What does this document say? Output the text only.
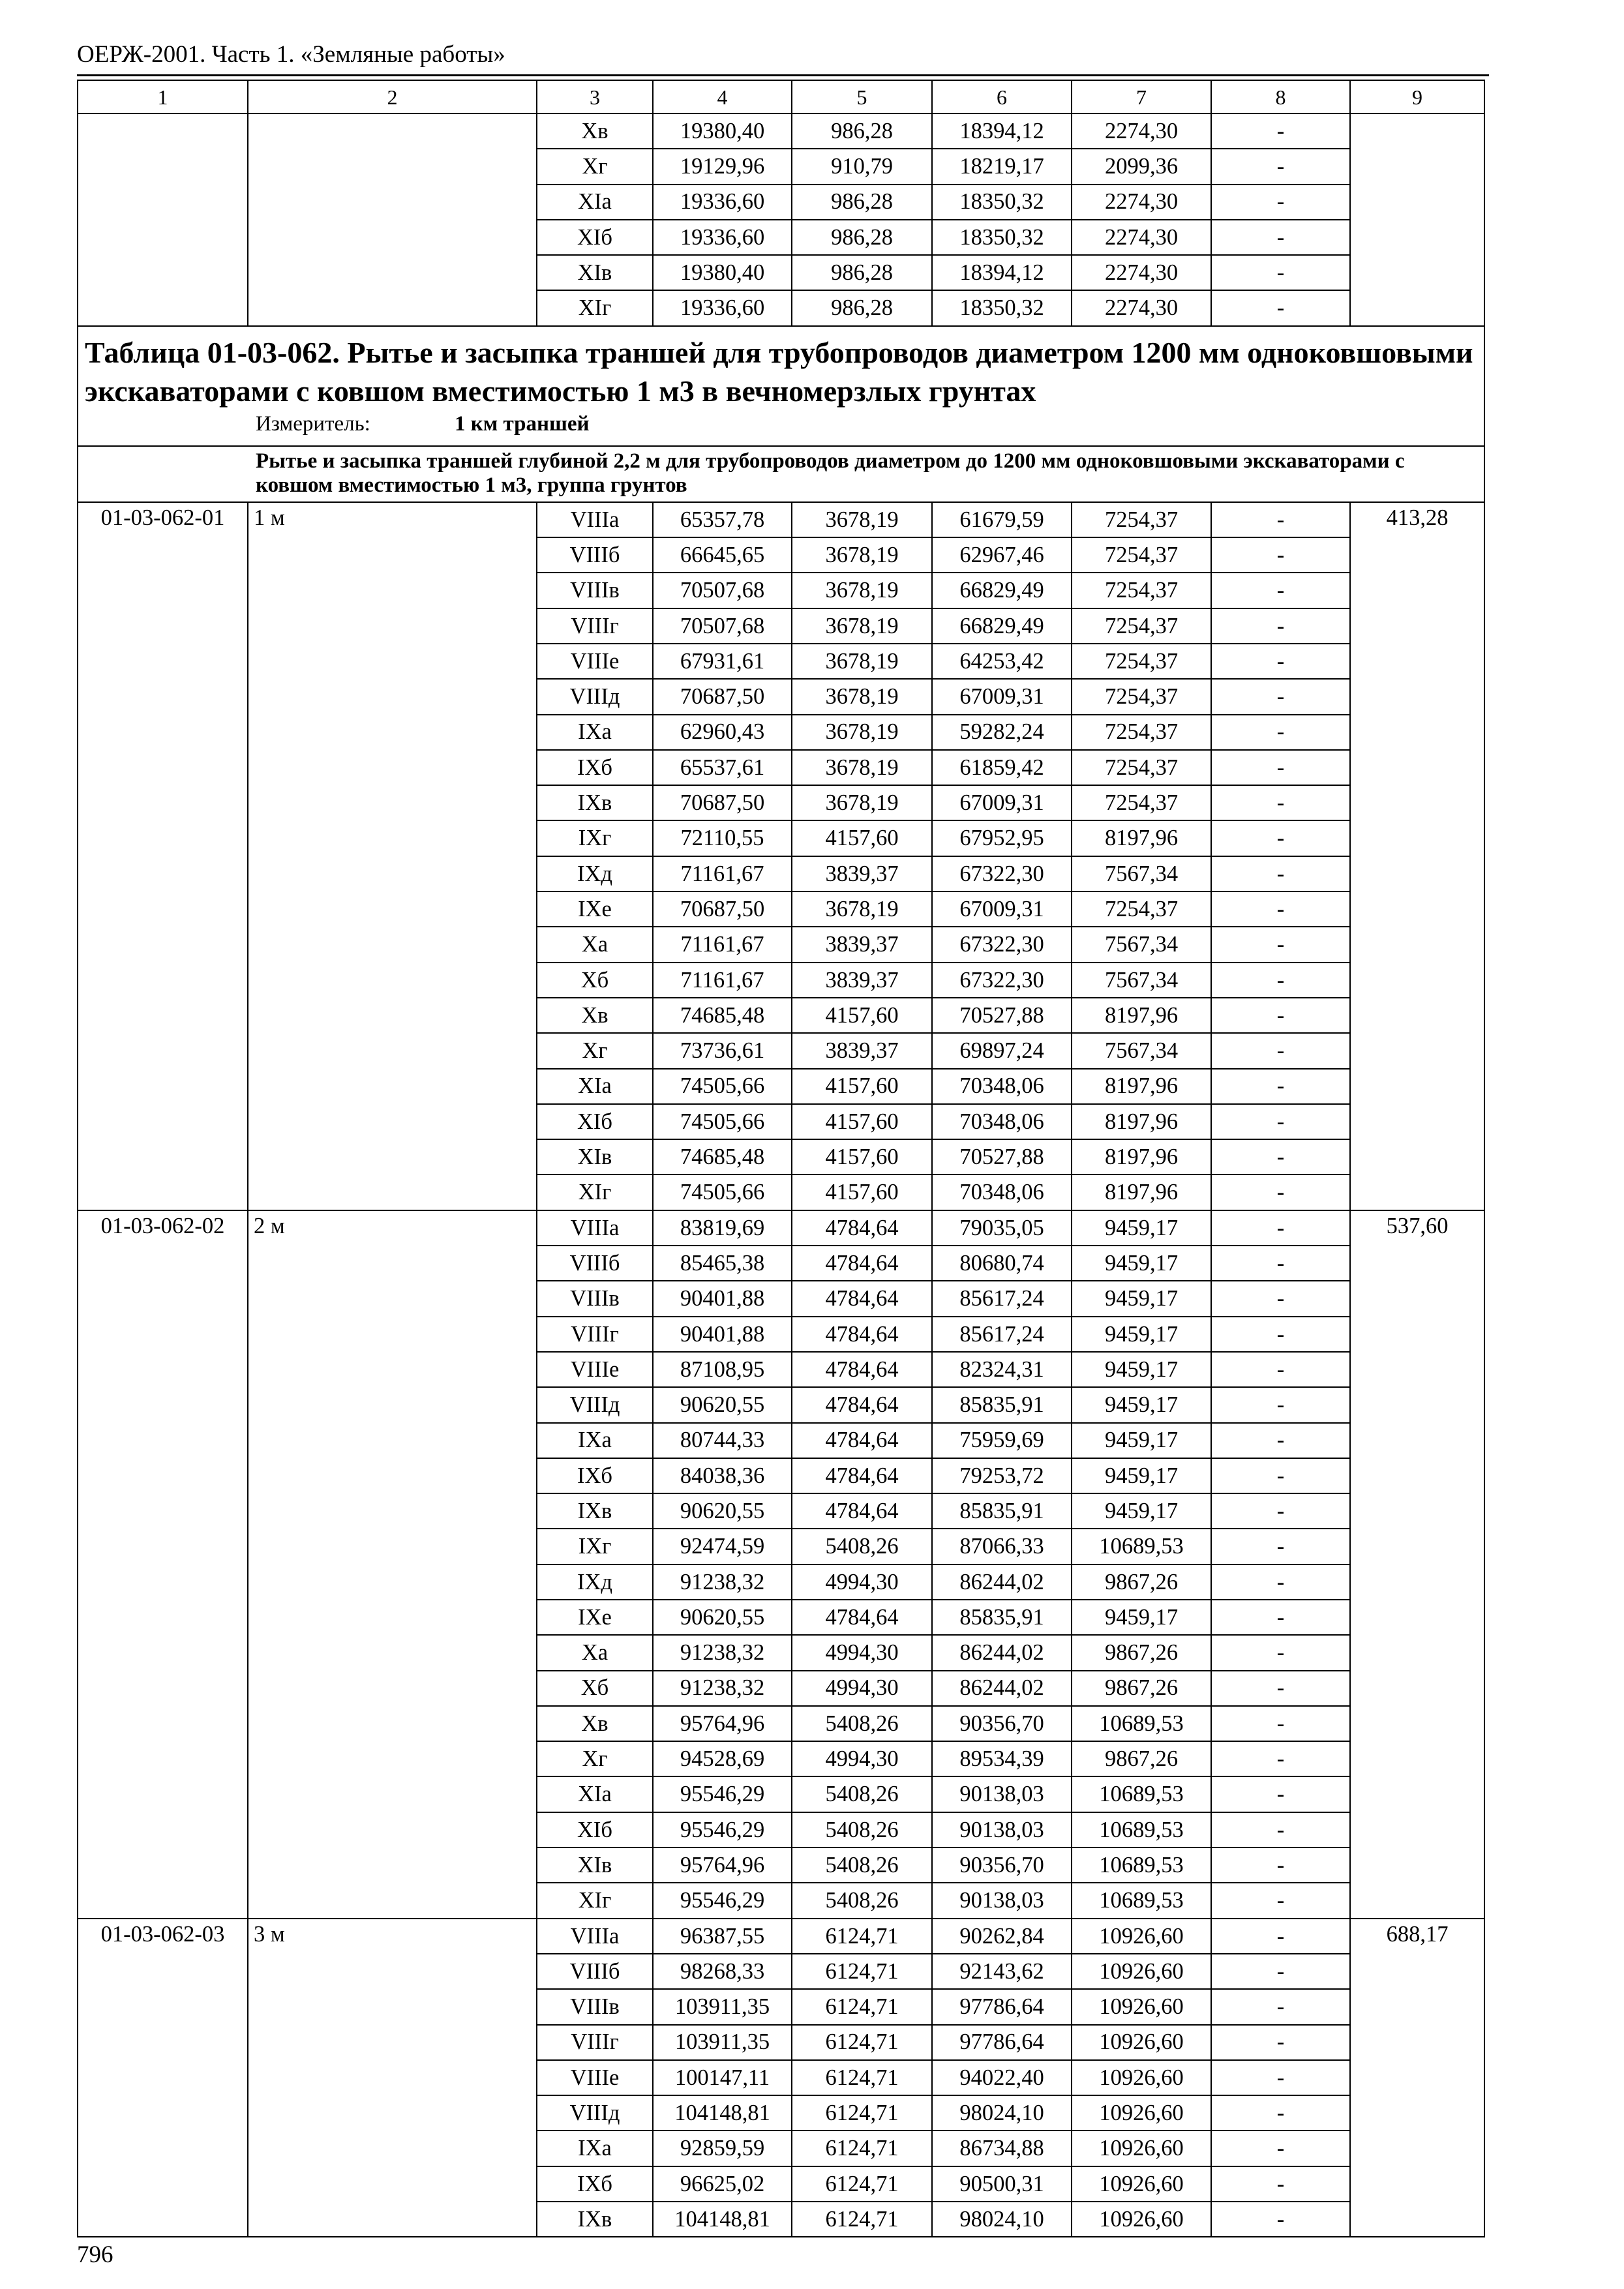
ОЕРЖ-2001. Часть 1. «Земляные работы»
1	2	3	4	5	6	7	8	9
		Xв	19380,40	986,28	18394,12	2274,30	-	
		Xг	19129,96	910,79	18219,17	2099,36	-	
		XIа	19336,60	986,28	18350,32	2274,30	-	
		XIб	19336,60	986,28	18350,32	2274,30	-	
		XIв	19380,40	986,28	18394,12	2274,30	-	
		XIг	19336,60	986,28	18350,32	2274,30	-	

Таблица 01-03-062. Рытье и засыпка траншей для трубопроводов диаметром 1200 мм одноковшовыми экскаваторами с ковшом вместимостью 1 м3 в вечномерзлых грунтах
Измеритель: 1 км траншей								

Рытье и засыпка траншей глубиной 2,2 м для трубопроводов диаметром до 1200 мм одноковшовыми экскаваторами с ковшом вместимостью 1 м3, группа грунтов								

01-03-062-01	1 м	VIIIа	65357,78	3678,19	61679,59	7254,37	-	413,28
		VIIIб	66645,65	3678,19	62967,46	7254,37	-	
		VIIIв	70507,68	3678,19	66829,49	7254,37	-	
		VIIIг	70507,68	3678,19	66829,49	7254,37	-	
		VIIIе	67931,61	3678,19	64253,42	7254,37	-	
		VIIIд	70687,50	3678,19	67009,31	7254,37	-	
		IXа	62960,43	3678,19	59282,24	7254,37	-	
		IXб	65537,61	3678,19	61859,42	7254,37	-	
		IXв	70687,50	3678,19	67009,31	7254,37	-	
		IXг	72110,55	4157,60	67952,95	8197,96	-	
		IXд	71161,67	3839,37	67322,30	7567,34	-	
		IXе	70687,50	3678,19	67009,31	7254,37	-	
		Xа	71161,67	3839,37	67322,30	7567,34	-	
		Xб	71161,67	3839,37	67322,30	7567,34	-	
		Xв	74685,48	4157,60	70527,88	8197,96	-	
		Xг	73736,61	3839,37	69897,24	7567,34	-	
		XIа	74505,66	4157,60	70348,06	8197,96	-	
		XIб	74505,66	4157,60	70348,06	8197,96	-	
		XIв	74685,48	4157,60	70527,88	8197,96	-	
		XIг	74505,66	4157,60	70348,06	8197,96	-	
01-03-062-02	2 м	VIIIа	83819,69	4784,64	79035,05	9459,17	-	537,60
		VIIIб	85465,38	4784,64	80680,74	9459,17	-	
		VIIIв	90401,88	4784,64	85617,24	9459,17	-	
		VIIIг	90401,88	4784,64	85617,24	9459,17	-	
		VIIIе	87108,95	4784,64	82324,31	9459,17	-	
		VIIIд	90620,55	4784,64	85835,91	9459,17	-	
		IXа	80744,33	4784,64	75959,69	9459,17	-	
		IXб	84038,36	4784,64	79253,72	9459,17	-	
		IXв	90620,55	4784,64	85835,91	9459,17	-	
		IXг	92474,59	5408,26	87066,33	10689,53	-	
		IXд	91238,32	4994,30	86244,02	9867,26	-	
		IXе	90620,55	4784,64	85835,91	9459,17	-	
		Xа	91238,32	4994,30	86244,02	9867,26	-	
		Xб	91238,32	4994,30	86244,02	9867,26	-	
		Xв	95764,96	5408,26	90356,70	10689,53	-	
		Xг	94528,69	4994,30	89534,39	9867,26	-	
		XIа	95546,29	5408,26	90138,03	10689,53	-	
		XIб	95546,29	5408,26	90138,03	10689,53	-	
		XIв	95764,96	5408,26	90356,70	10689,53	-	
		XIг	95546,29	5408,26	90138,03	10689,53	-	
01-03-062-03	3 м	VIIIа	96387,55	6124,71	90262,84	10926,60	-	688,17
		VIIIб	98268,33	6124,71	92143,62	10926,60	-	
		VIIIв	103911,35	6124,71	97786,64	10926,60	-	
		VIIIг	103911,35	6124,71	97786,64	10926,60	-	
		VIIIе	100147,11	6124,71	94022,40	10926,60	-	
		VIIIд	104148,81	6124,71	98024,10	10926,60	-	
		IXа	92859,59	6124,71	86734,88	10926,60	-	
		IXб	96625,02	6124,71	90500,31	10926,60	-	
		IXв	104148,81	6124,71	98024,10	10926,60	-	
796
